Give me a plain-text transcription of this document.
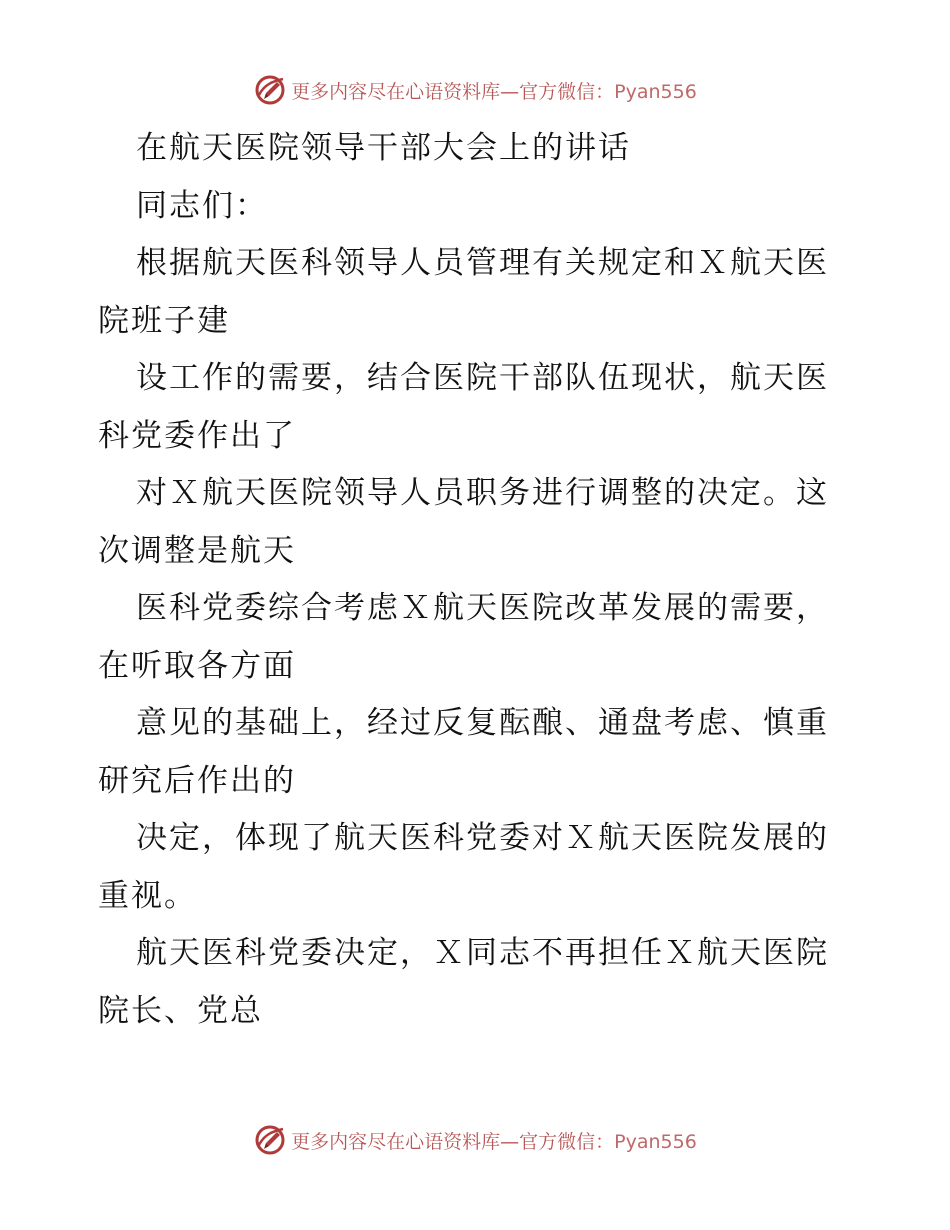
更多内容尽在心语资料库—官方微信：Pyan556
在航天医院领导干部大会上的讲话
同志们：
根据航天医科领导人员管理有关规定和Ｘ航天医
院班子建
设工作的需要，结合医院干部队伍现状，航天医
科党委作出了
对Ｘ航天医院领导人员职务进行调整的决定。这
次调整是航天
医科党委综合考虑Ｘ航天医院改革发展的需要，
在听取各方面
意见的基础上，经过反复酝酿、通盘考虑、慎重
研究后作出的
决定，体现了航天医科党委对Ｘ航天医院发展的
重视。
航天医科党委决定，Ｘ同志不再担任Ｘ航天医院
院长、党总
更多内容尽在心语资料库—官方微信：Pyan556
